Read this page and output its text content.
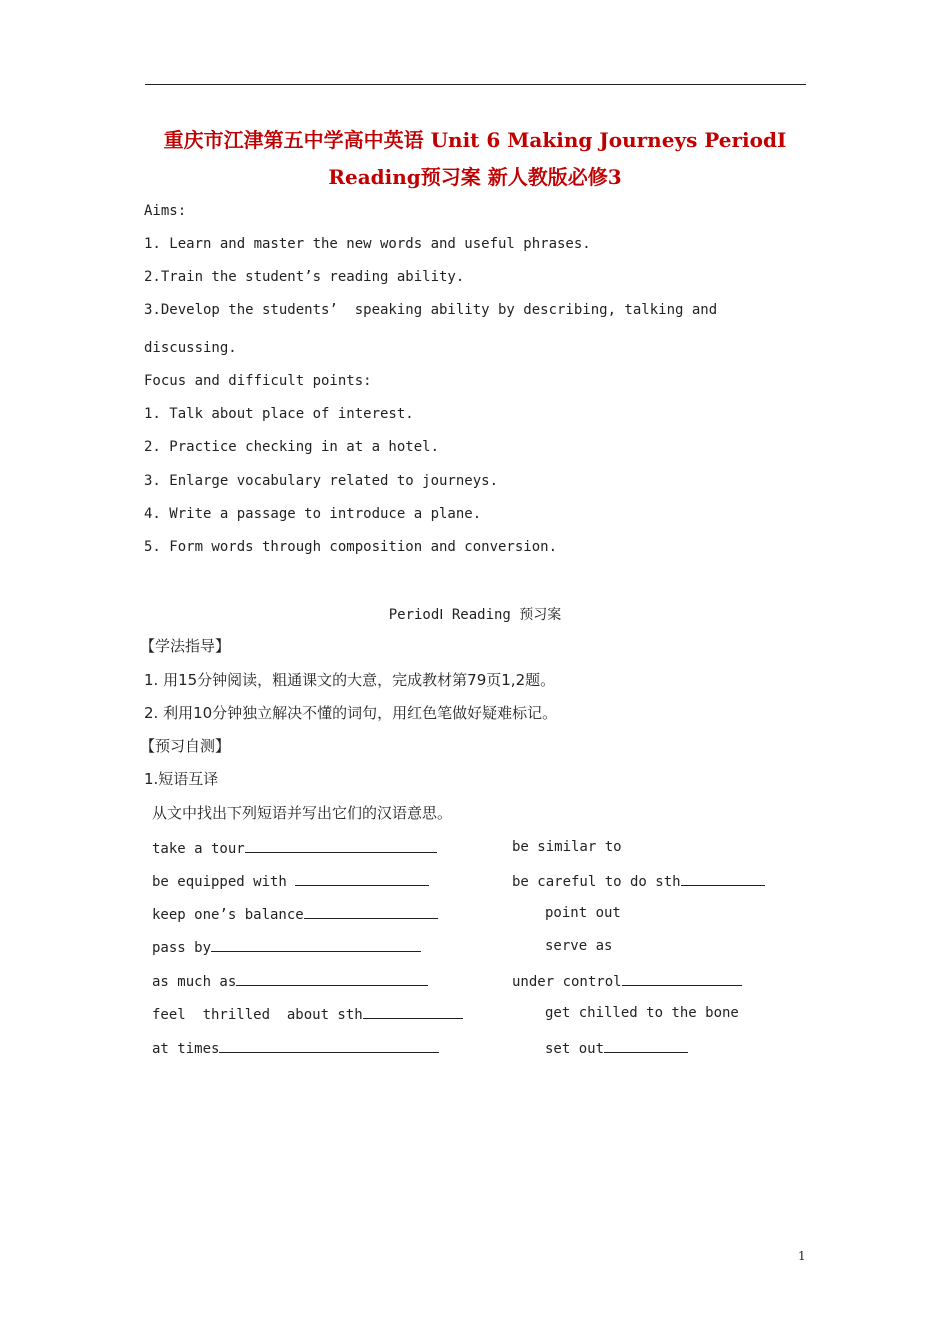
重庆市江津第五中学高中英语 Unit 6 Making Journeys PeriodⅠ
Reading预习案 新人教版必修3
Aims:
1. Learn and master the new words and useful phrases.
2.Train the student’s reading ability.
3.Develop the students’  speaking ability by describing, talking and
discussing.
Focus and difficult points:
1. Talk about place of interest.
2. Practice checking in at a hotel.
3. Enlarge vocabulary related to journeys.
4. Write a passage to introduce a plane.
5. Form words through composition and conversion.
PeriodⅠ Reading 预习案
【学法指导】
1. 用15分钟阅读，粗通课文的大意，完成教材第79页1,2题。
2. 利用10分钟独立解决不懂的词句，用红色笔做好疑难标记。
【预习自测】
1.短语互译
从文中找出下列短语并写出它们的汉语意思。
take a tour
be equipped with
keep one’s balance
pass by
as much as
feel  thrilled  about sth
at times
be similar to
be careful to do sth
point out
serve as
under control
get chilled to the bone
set out
1
